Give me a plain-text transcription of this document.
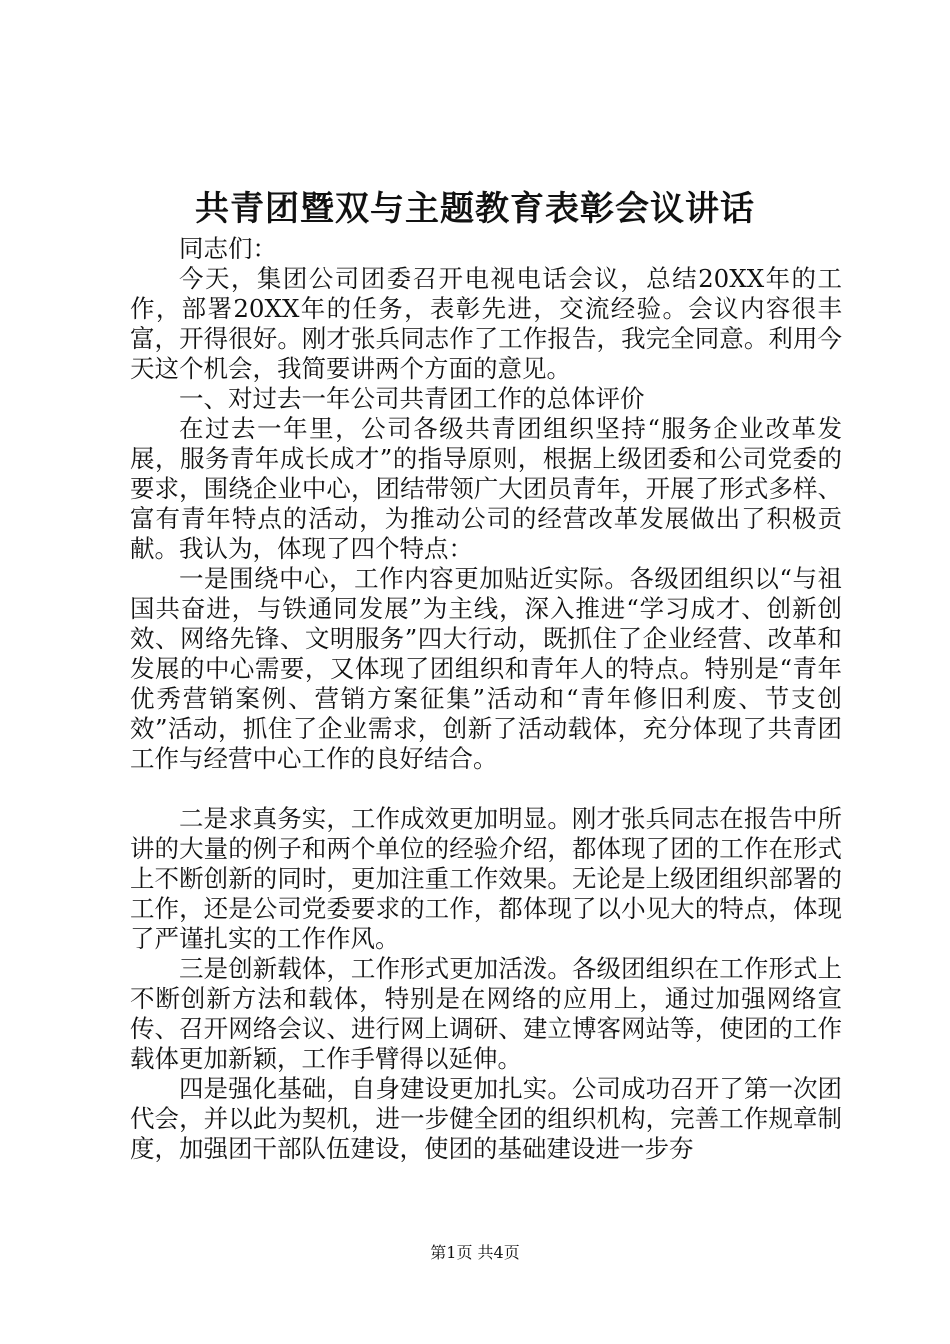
共青团暨双与主题教育表彰会议讲话

同志们：

今天，集团公司团委召开电视电话会议，总结20XX年的工作，部署20XX年的任务，表彰先进，交流经验。会议内容很丰富，开得很好。刚才张兵同志作了工作报告，我完全同意。利用今天这个机会，我简要讲两个方面的意见。

一、对过去一年公司共青团工作的总体评价

在过去一年里，公司各级共青团组织坚持“服务企业改革发展，服务青年成长成才”的指导原则，根据上级团委和公司党委的要求，围绕企业中心，团结带领广大团员青年，开展了形式多样、富有青年特点的活动，为推动公司的经营改革发展做出了积极贡献。我认为，体现了四个特点：

一是围绕中心，工作内容更加贴近实际。各级团组织以“与祖国共奋进，与铁通同发展”为主线，深入推进“学习成才、创新创效、网络先锋、文明服务”四大行动，既抓住了企业经营、改革和发展的中心需要，又体现了团组织和青年人的特点。特别是“青年优秀营销案例、营销方案征集”活动和“青年修旧利废、节支创效”活动，抓住了企业需求，创新了活动载体，充分体现了共青团工作与经营中心工作的良好结合。

二是求真务实，工作成效更加明显。刚才张兵同志在报告中所讲的大量的例子和两个单位的经验介绍，都体现了团的工作在形式上不断创新的同时，更加注重工作效果。无论是上级团组织部署的工作，还是公司党委要求的工作，都体现了以小见大的特点，体现了严谨扎实的工作作风。

三是创新载体，工作形式更加活泼。各级团组织在工作形式上不断创新方法和载体，特别是在网络的应用上，通过加强网络宣传、召开网络会议、进行网上调研、建立博客网站等，使团的工作载体更加新颖，工作手臂得以延伸。

四是强化基础，自身建设更加扎实。公司成功召开了第一次团代会，并以此为契机，进一步健全团的组织机构，完善工作规章制度，加强团干部队伍建设，使团的基础建设进一步夯

第1页 共4页
